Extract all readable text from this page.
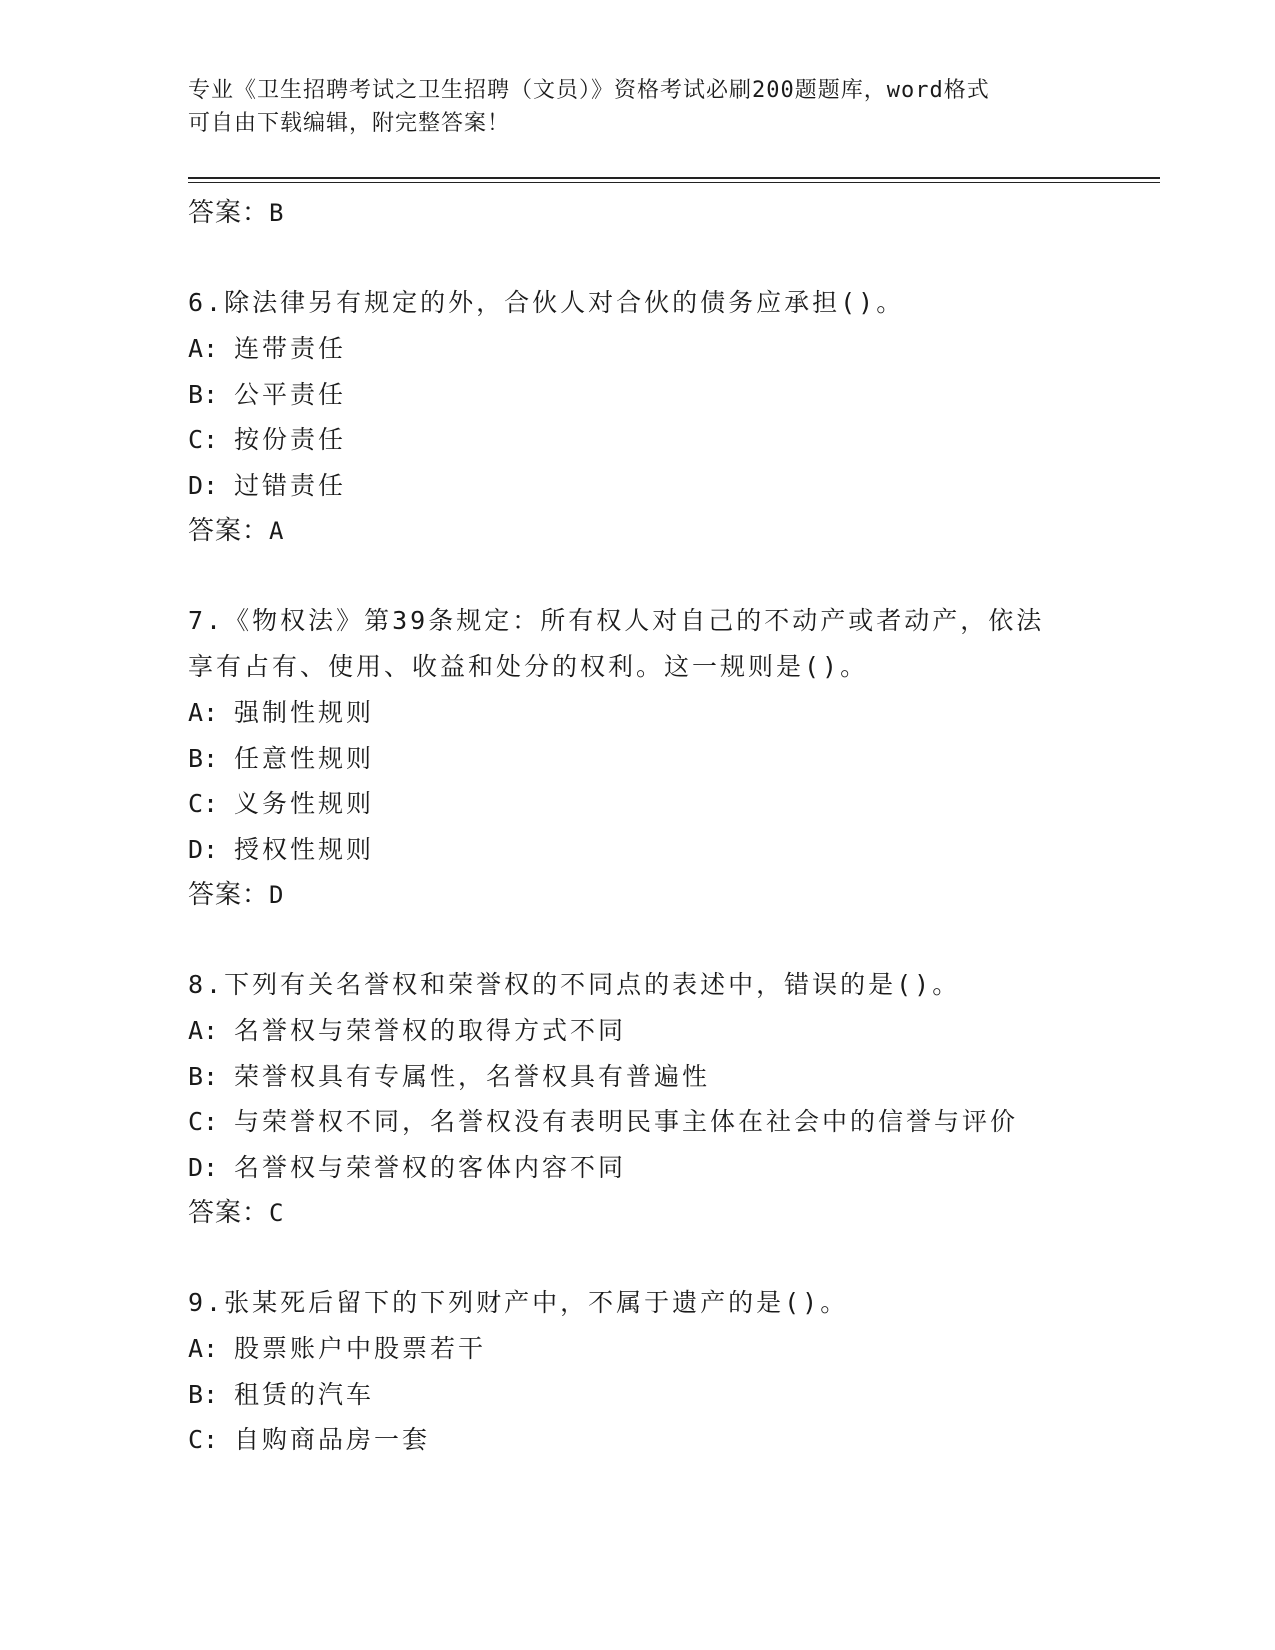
专业《卫生招聘考试之卫生招聘（文员）》资格考试必刷200题题库，word格式
可自由下载编辑，附完整答案！
答案：B
6.除法律另有规定的外，合伙人对合伙的债务应承担()。
A: 连带责任
B: 公平责任
C: 按份责任
D: 过错责任
答案：A
7.《物权法》第39条规定：所有权人对自己的不动产或者动产，依法
享有占有、使用、收益和处分的权利。这一规则是()。
A: 强制性规则
B: 任意性规则
C: 义务性规则
D: 授权性规则
答案：D
8.下列有关名誉权和荣誉权的不同点的表述中，错误的是()。
A: 名誉权与荣誉权的取得方式不同
B: 荣誉权具有专属性，名誉权具有普遍性
C: 与荣誉权不同，名誉权没有表明民事主体在社会中的信誉与评价
D: 名誉权与荣誉权的客体内容不同
答案：C
9.张某死后留下的下列财产中，不属于遗产的是()。
A: 股票账户中股票若干
B: 租赁的汽车
C: 自购商品房一套
